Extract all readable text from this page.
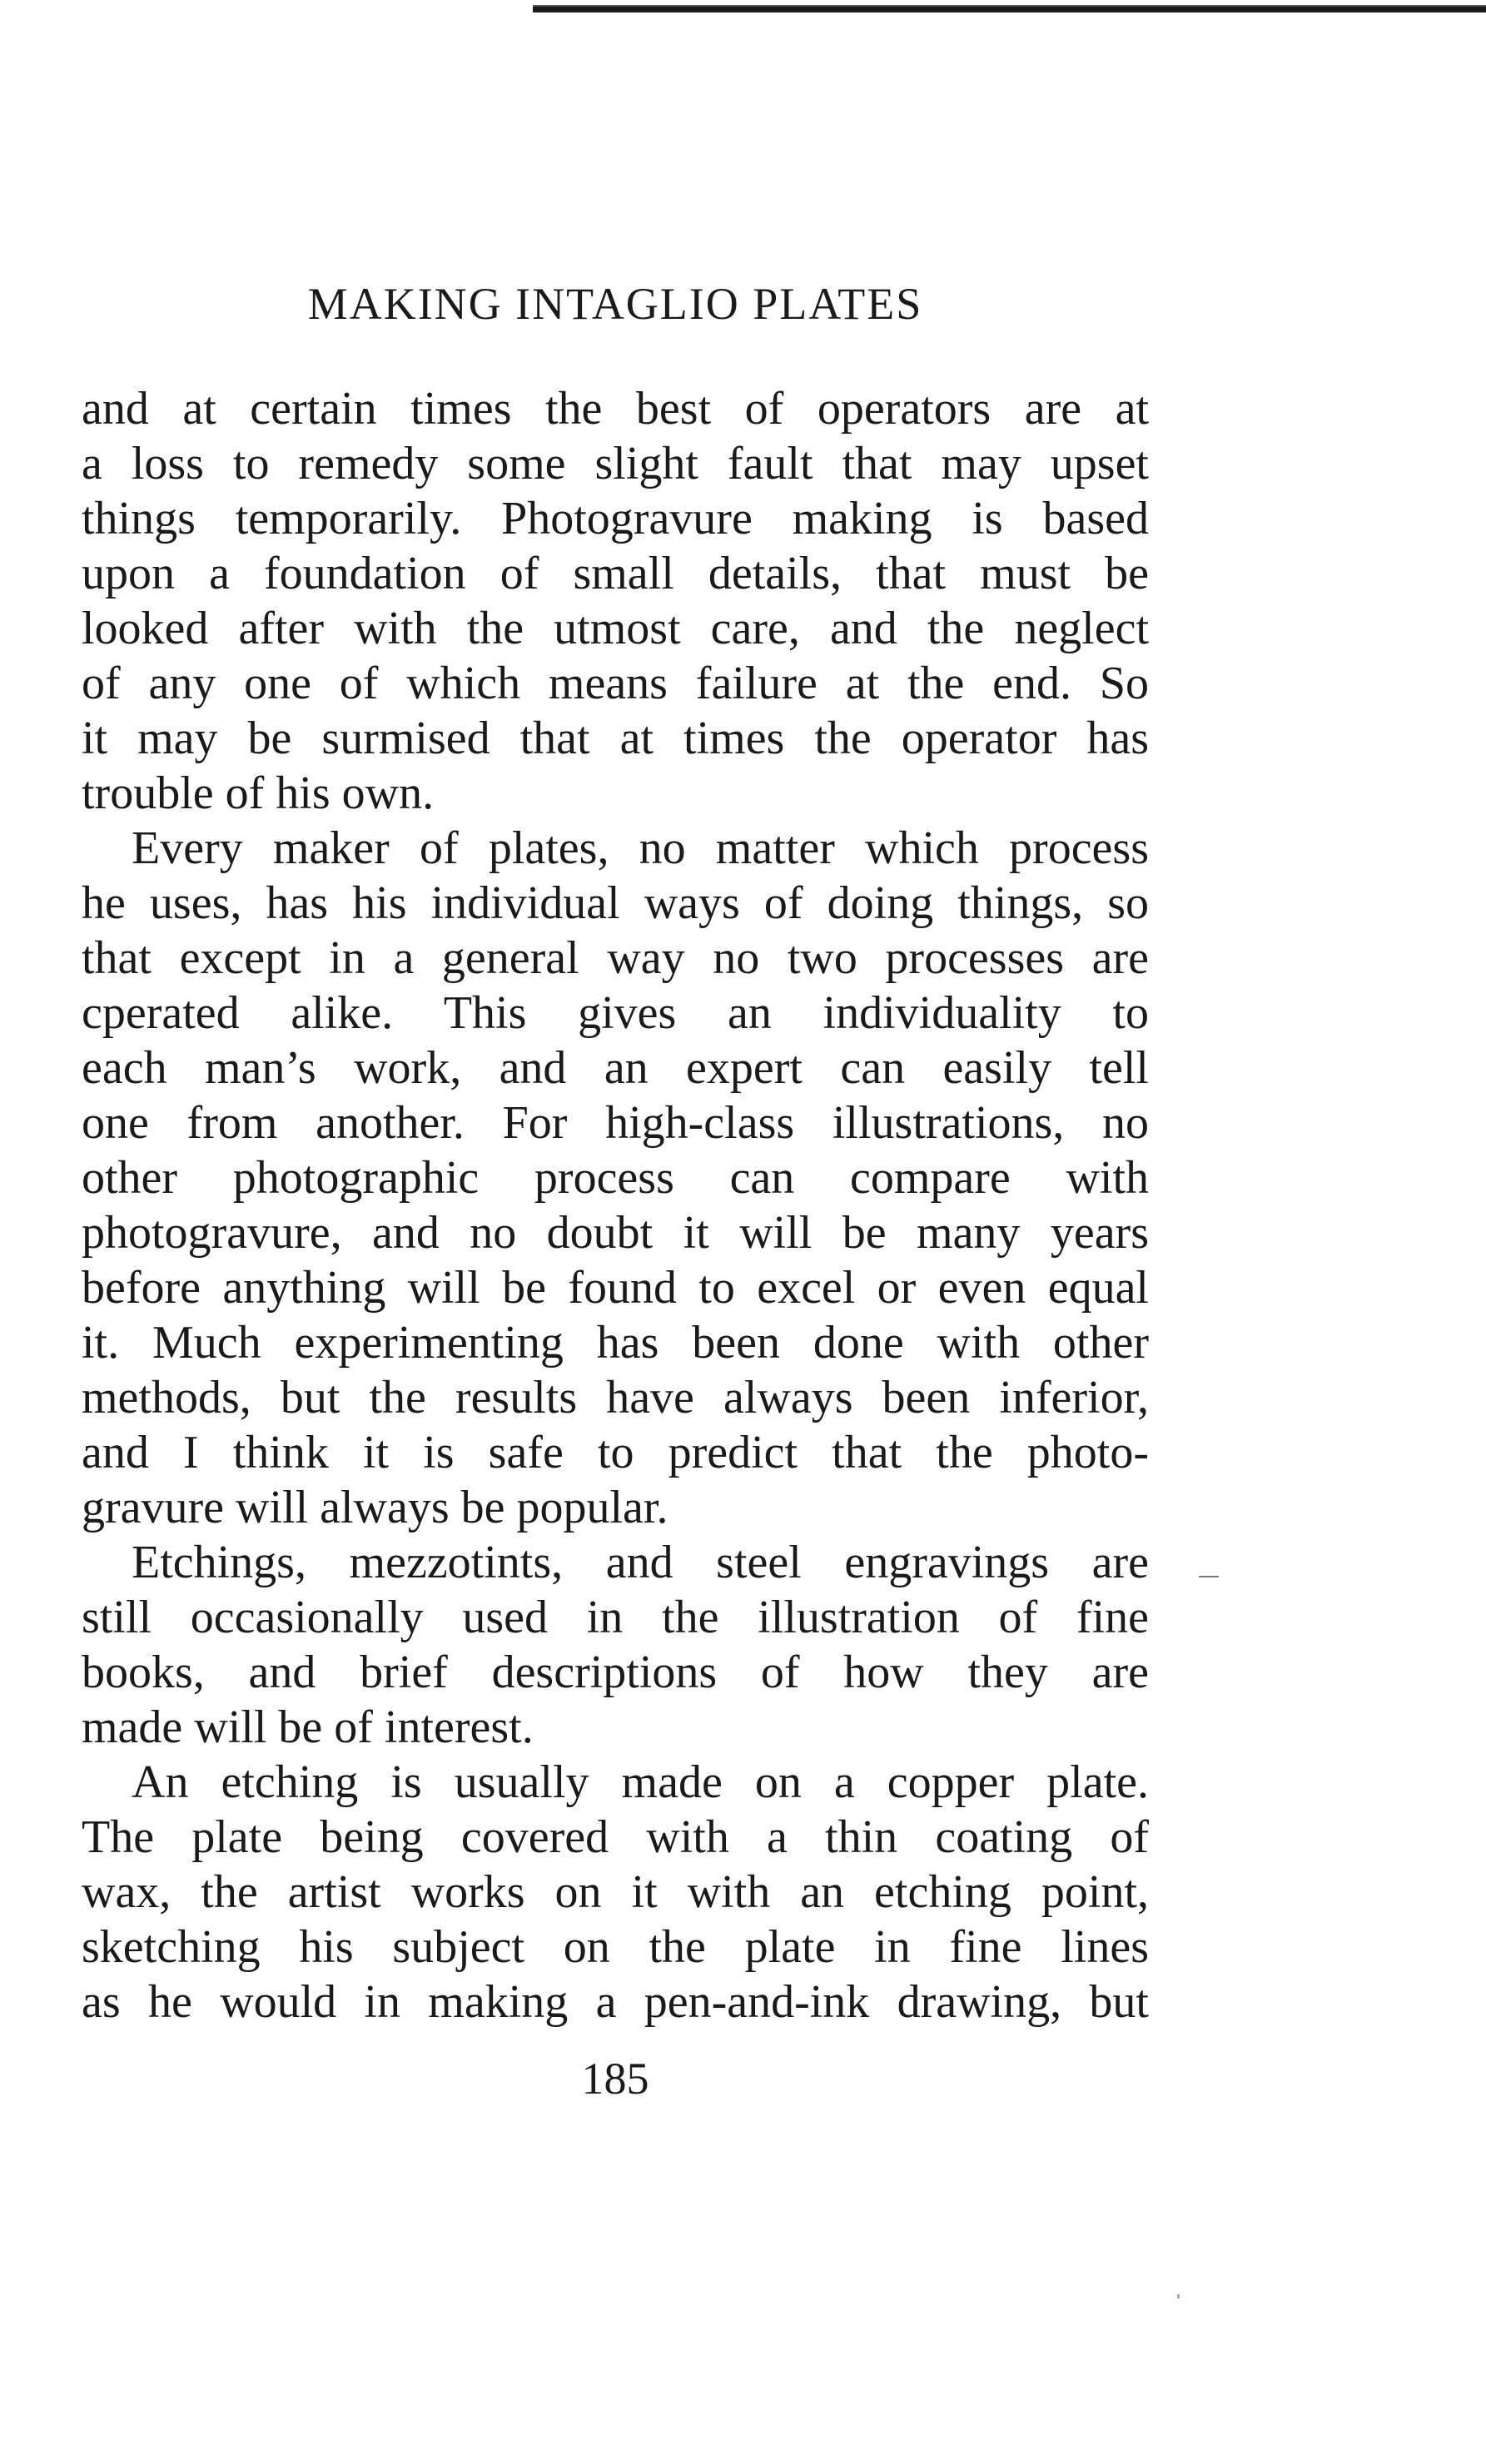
MAKING INTAGLIO PLATES
and at certain times the best of operators are at
a loss to remedy some slight fault that may upset
things temporarily. Photogravure making is based
upon a foundation of small details, that must be
looked after with the utmost care, and the neglect
of any one of which means failure at the end. So
it may be surmised that at times the operator has
trouble of his own.
Every maker of plates, no matter which process
he uses, has his individual ways of doing things, so
that except in a general way no two processes are
cperated alike. This gives an individuality to
each man’s work, and an expert can easily tell
one from another. For high-class illustrations, no
other photographic process can compare with
photogravure, and no doubt it will be many years
before anything will be found to excel or even equal
it. Much experimenting has been done with other
methods, but the results have always been inferior,
and I think it is safe to predict that the photo-
gravure will always be popular.
Etchings, mezzotints, and steel engravings are
still occasionally used in the illustration of fine
books, and brief descriptions of how they are
made will be of interest.
An etching is usually made on a copper plate.
The plate being covered with a thin coating of
wax, the artist works on it with an etching point,
sketching his subject on the plate in fine lines
as he would in making a pen-and-ink drawing, but
185
